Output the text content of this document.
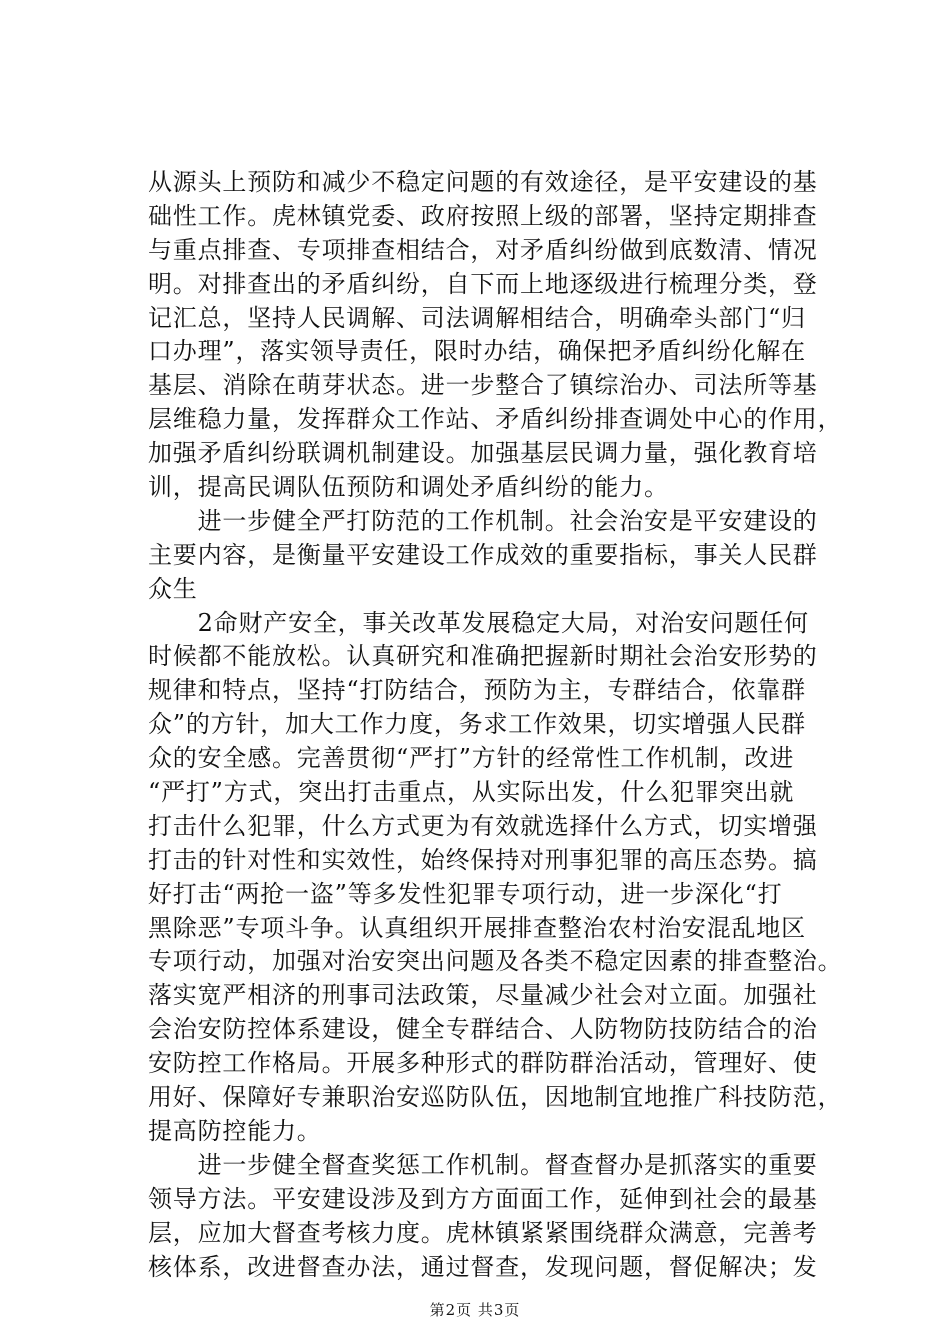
从源头上预防和减少不稳定问题的有效途径，是平安建设的基
础性工作。虎林镇党委、政府按照上级的部署，坚持定期排查
与重点排查、专项排查相结合，对矛盾纠纷做到底数清、情况
明。对排查出的矛盾纠纷，自下而上地逐级进行梳理分类，登
记汇总，坚持人民调解、司法调解相结合，明确牵头部门“归
口办理”，落实领导责任，限时办结，确保把矛盾纠纷化解在
基层、消除在萌芽状态。进一步整合了镇综治办、司法所等基
层维稳力量，发挥群众工作站、矛盾纠纷排查调处中心的作用，
加强矛盾纠纷联调机制建设。加强基层民调力量，强化教育培
训，提高民调队伍预防和调处矛盾纠纷的能力。
　　进一步健全严打防范的工作机制。社会治安是平安建设的
主要内容，是衡量平安建设工作成效的重要指标，事关人民群
众生
　　2命财产安全，事关改革发展稳定大局，对治安问题任何
时候都不能放松。认真研究和准确把握新时期社会治安形势的
规律和特点，坚持“打防结合，预防为主，专群结合，依靠群
众”的方针，加大工作力度，务求工作效果，切实增强人民群
众的安全感。完善贯彻“严打”方针的经常性工作机制，改进
“严打”方式，突出打击重点，从实际出发，什么犯罪突出就
打击什么犯罪，什么方式更为有效就选择什么方式，切实增强
打击的针对性和实效性，始终保持对刑事犯罪的高压态势。搞
好打击“两抢一盗”等多发性犯罪专项行动，进一步深化“打
黑除恶”专项斗争。认真组织开展排查整治农村治安混乱地区
专项行动，加强对治安突出问题及各类不稳定因素的排查整治。
落实宽严相济的刑事司法政策，尽量减少社会对立面。加强社
会治安防控体系建设，健全专群结合、人防物防技防结合的治
安防控工作格局。开展多种形式的群防群治活动，管理好、使
用好、保障好专兼职治安巡防队伍，因地制宜地推广科技防范，
提高防控能力。
　　进一步健全督查奖惩工作机制。督查督办是抓落实的重要
领导方法。平安建设涉及到方方面面工作，延伸到社会的最基
层，应加大督查考核力度。虎林镇紧紧围绕群众满意，完善考
核体系，改进督查办法，通过督查，发现问题，督促解决；发
第2页 共3页
